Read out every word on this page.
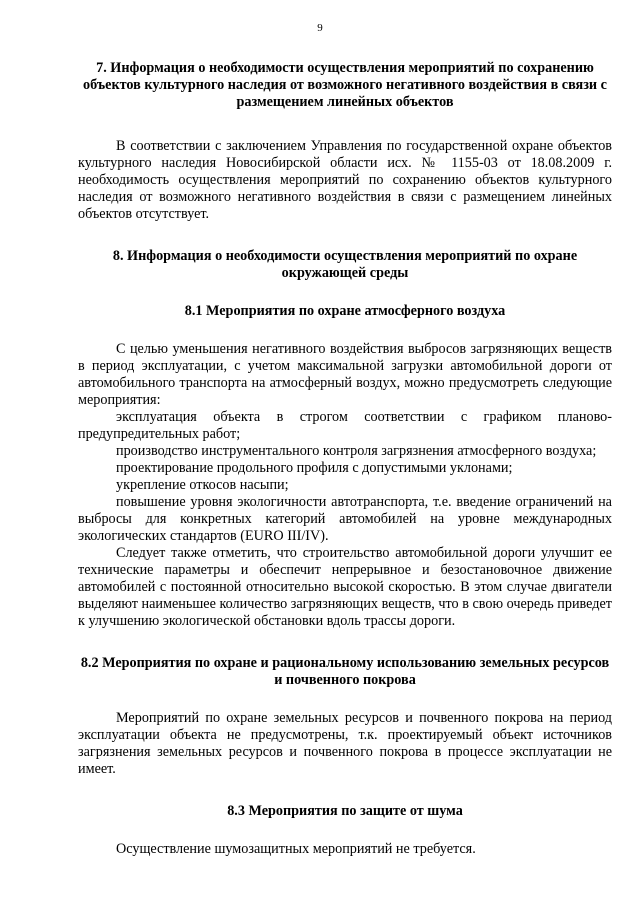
9

7. Информация о необходимости осуществления мероприятий по сохранению объектов культурного наследия от возможного негативного воздействия в связи с размещением линейных объектов

В соответствии с заключением Управления по государственной охране объектов культурного наследия Новосибирской области исх. № 1155-03 от 18.08.2009 г. необходимость осуществления мероприятий по сохранению объектов культурного наследия от возможного негативного воздействия в связи с размещением линейных объектов отсутствует.

8. Информация о необходимости осуществления мероприятий по охране окружающей среды

8.1 Мероприятия по охране атмосферного воздуха

С целью уменьшения негативного воздействия выбросов загрязняющих веществ в период эксплуатации, с учетом максимальной загрузки автомобильной дороги от автомобильного транспорта на атмосферный воздух, можно предусмотреть следующие мероприятия:

эксплуатация объекта в строгом соответствии с графиком планово-предупредительных работ;

производство инструментального контроля загрязнения атмосферного воздуха;

проектирование продольного профиля с допустимыми уклонами;

укрепление откосов насыпи;

повышение уровня экологичности автотранспорта, т.е. введение ограничений на выбросы для конкретных категорий автомобилей на уровне международных экологических стандартов (EURO III/IV).

Следует также отметить, что строительство автомобильной дороги улучшит ее технические параметры и обеспечит непрерывное и безостановочное движение автомобилей с постоянной относительно высокой скоростью. В этом случае двигатели выделяют наименьшее количество загрязняющих веществ, что в свою очередь приведет к улучшению экологической обстановки вдоль трассы дороги.

8.2 Мероприятия по охране и рациональному использованию земельных ресурсов и почвенного покрова

Мероприятий по охране земельных ресурсов и почвенного покрова на период эксплуатации объекта не предусмотрены, т.к. проектируемый объект источников загрязнения земельных ресурсов и почвенного покрова в процессе эксплуатации не имеет.

8.3 Мероприятия по защите от шума

Осуществление шумозащитных мероприятий не требуется.
